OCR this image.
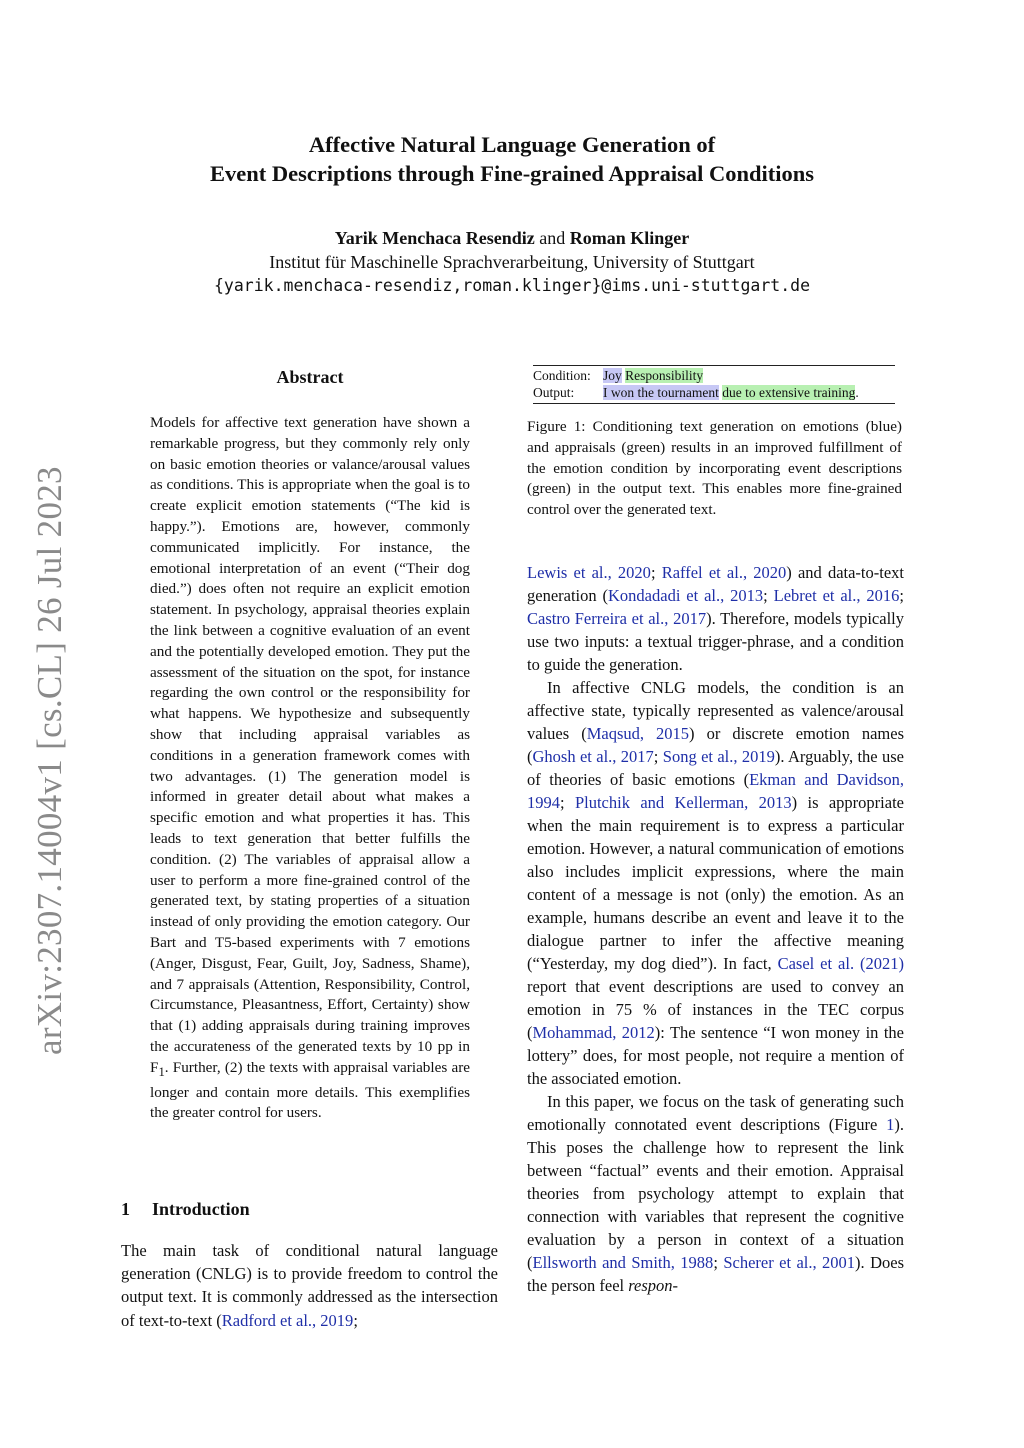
Affective Natural Language Generation of
Event Descriptions through Fine-grained Appraisal Conditions
Yarik Menchaca Resendiz and Roman Klinger
Institut für Maschinelle Sprachverarbeitung, University of Stuttgart
{yarik.menchaca-resendiz,roman.klinger}@ims.uni-stuttgart.de
arXiv:2307.14004v1 [cs.CL] 26 Jul 2023
Abstract
Models for affective text generation have shown a remarkable progress, but they commonly rely only on basic emotion theories or valance/arousal values as conditions. This is appropriate when the goal is to create explicit emotion statements (“The kid is happy.”). Emotions are, however, commonly communicated implicitly. For instance, the emotional interpretation of an event (“Their dog died.”) does often not require an explicit emotion statement. In psychology, appraisal theories explain the link between a cognitive evaluation of an event and the potentially developed emotion. They put the assessment of the situation on the spot, for instance regarding the own control or the responsibility for what happens. We hypothesize and subsequently show that including appraisal variables as conditions in a generation framework comes with two advantages. (1) The generation model is informed in greater detail about what makes a specific emotion and what properties it has. This leads to text generation that better fulfills the condition. (2) The variables of appraisal allow a user to perform a more fine-grained control of the generated text, by stating properties of a situation instead of only providing the emotion category. Our Bart and T5-based experiments with 7 emotions (Anger, Disgust, Fear, Guilt, Joy, Sadness, Shame), and 7 appraisals (Attention, Responsibility, Control, Circumstance, Pleasantness, Effort, Certainty) show that (1) adding appraisals during training improves the accurateness of the generated texts by 10 pp in $F_1$. Further, (2) the texts with appraisal variables are longer and contain more details. This exemplifies the greater control for users.
1 Introduction
The main task of conditional natural language generation (CNLG) is to provide freedom to control the output text. It is commonly addressed as the intersection of text-to-text (Radford et al., 2019;
Condition: Joy Responsibility
Output: I won the tournament due to extensive training.
Figure 1: Conditioning text generation on emotions (blue) and appraisals (green) results in an improved fulfillment of the emotion condition by incorporating event descriptions (green) in the output text. This enables more fine-grained control over the generated text.

Lewis et al., 2020; Raffel et al., 2020) and data-to-text generation (Kondadadi et al., 2013; Lebret et al., 2016; Castro Ferreira et al., 2017). Therefore, models typically use two inputs: a textual trigger-phrase, and a condition to guide the generation.

In affective CNLG models, the condition is an affective state, typically represented as valence/arousal values (Maqsud, 2015) or discrete emotion names (Ghosh et al., 2017; Song et al., 2019). Arguably, the use of theories of basic emotions (Ekman and Davidson, 1994; Plutchik and Kellerman, 2013) is appropriate when the main requirement is to express a particular emotion. However, a natural communication of emotions also includes implicit expressions, where the main content of a message is not (only) the emotion. As an example, humans describe an event and leave it to the dialogue partner to infer the affective meaning (“Yesterday, my dog died”). In fact, Casel et al. (2021) report that event descriptions are used to convey an emotion in 75 % of instances in the TEC corpus (Mohammad, 2012): The sentence “I won money in the lottery” does, for most people, not require a mention of the associated emotion.

In this paper, we focus on the task of generating such emotionally connotated event descriptions (Figure 1). This poses the challenge how to represent the link between “factual” events and their emotion. Appraisal theories from psychology attempt to explain that connection with variables that represent the cognitive evaluation by a person in context of a situation (Ellsworth and Smith, 1988; Scherer et al., 2001). Does the person feel respon-
